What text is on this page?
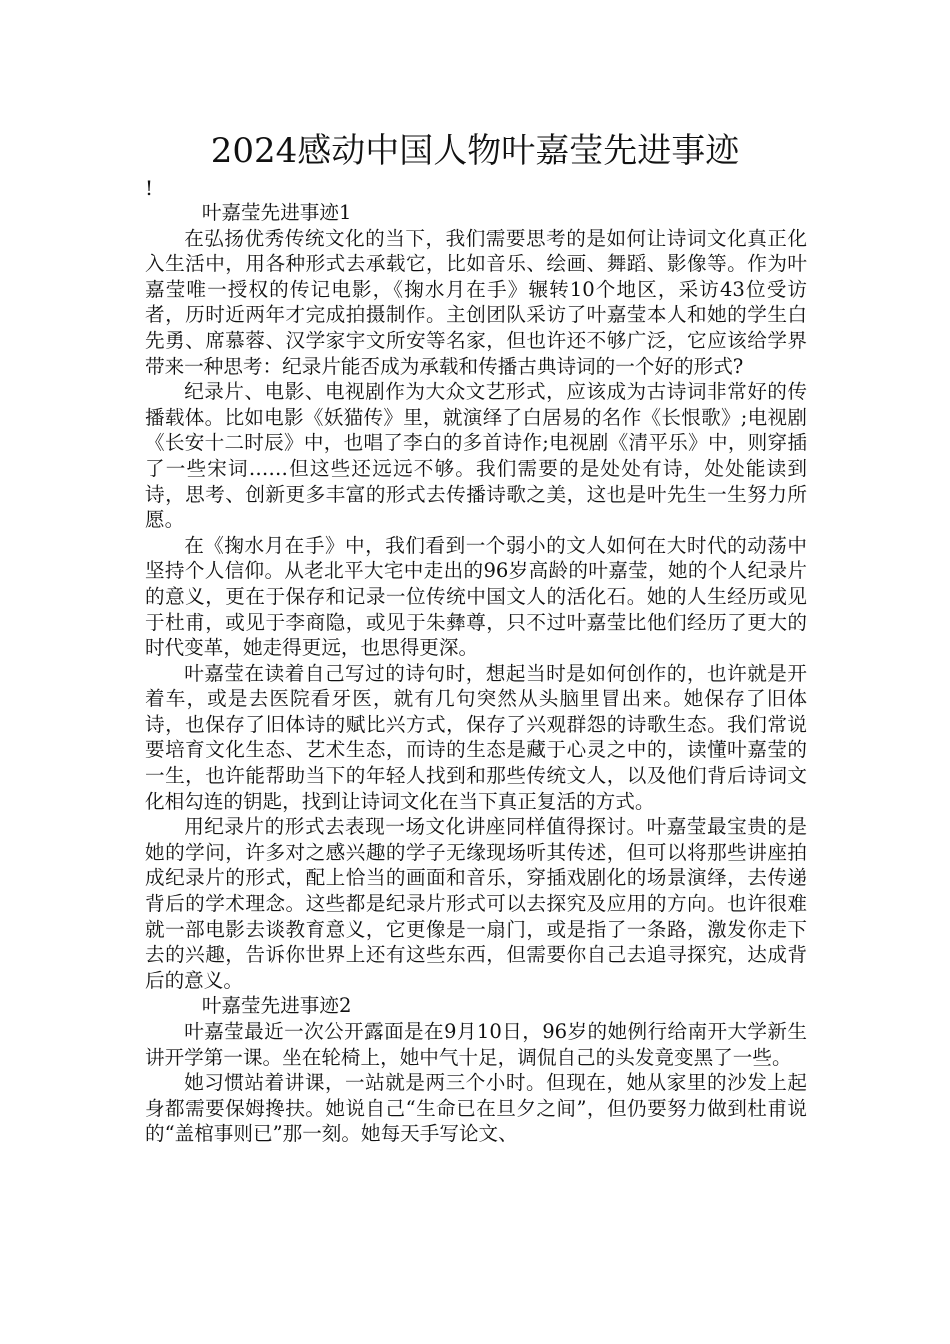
2024感动中国人物叶嘉莹先进事迹
!

叶嘉莹先进事迹1

在弘扬优秀传统文化的当下，我们需要思考的是如何让诗词文化真正化入生活中，用各种形式去承载它，比如音乐、绘画、舞蹈、影像等。作为叶嘉莹唯一授权的传记电影，《掬水月在手》辗转10个地区，采访43位受访者，历时近两年才完成拍摄制作。主创团队采访了叶嘉莹本人和她的学生白先勇、席慕蓉、汉学家宇文所安等名家，但也许还不够广泛，它应该给学界带来一种思考：纪录片能否成为承载和传播古典诗词的一个好的形式?

纪录片、电影、电视剧作为大众文艺形式，应该成为古诗词非常好的传播载体。比如电影《妖猫传》里，就演绎了白居易的名作《长恨歌》;电视剧《长安十二时辰》中，也唱了李白的多首诗作;电视剧《清平乐》中，则穿插了一些宋词……但这些还远远不够。我们需要的是处处有诗，处处能读到诗，思考、创新更多丰富的形式去传播诗歌之美，这也是叶先生一生努力所愿。

在《掬水月在手》中，我们看到一个弱小的文人如何在大时代的动荡中坚持个人信仰。从老北平大宅中走出的96岁高龄的叶嘉莹，她的个人纪录片的意义，更在于保存和记录一位传统中国文人的活化石。她的人生经历或见于杜甫，或见于李商隐，或见于朱彝尊，只不过叶嘉莹比他们经历了更大的时代变革，她走得更远，也思得更深。

叶嘉莹在读着自己写过的诗句时，想起当时是如何创作的，也许就是开着车，或是去医院看牙医，就有几句突然从头脑里冒出来。她保存了旧体诗，也保存了旧体诗的赋比兴方式，保存了兴观群怨的诗歌生态。我们常说要培育文化生态、艺术生态，而诗的生态是藏于心灵之中的，读懂叶嘉莹的一生，也许能帮助当下的年轻人找到和那些传统文人，以及他们背后诗词文化相勾连的钥匙，找到让诗词文化在当下真正复活的方式。

用纪录片的形式去表现一场文化讲座同样值得探讨。叶嘉莹最宝贵的是她的学问，许多对之感兴趣的学子无缘现场听其传述，但可以将那些讲座拍成纪录片的形式，配上恰当的画面和音乐，穿插戏剧化的场景演绎，去传递背后的学术理念。这些都是纪录片形式可以去探究及应用的方向。也许很难就一部电影去谈教育意义，它更像是一扇门，或是指了一条路，激发你走下去的兴趣，告诉你世界上还有这些东西，但需要你自己去追寻探究，达成背后的意义。

叶嘉莹先进事迹2

叶嘉莹最近一次公开露面是在9月10日，96岁的她例行给南开大学新生讲开学第一课。坐在轮椅上，她中气十足，调侃自己的头发竟变黑了一些。

她习惯站着讲课，一站就是两三个小时。但现在，她从家里的沙发上起身都需要保姆搀扶。她说自己“生命已在旦夕之间”，但仍要努力做到杜甫说的“盖棺事则已”那一刻。她每天手写论文、
